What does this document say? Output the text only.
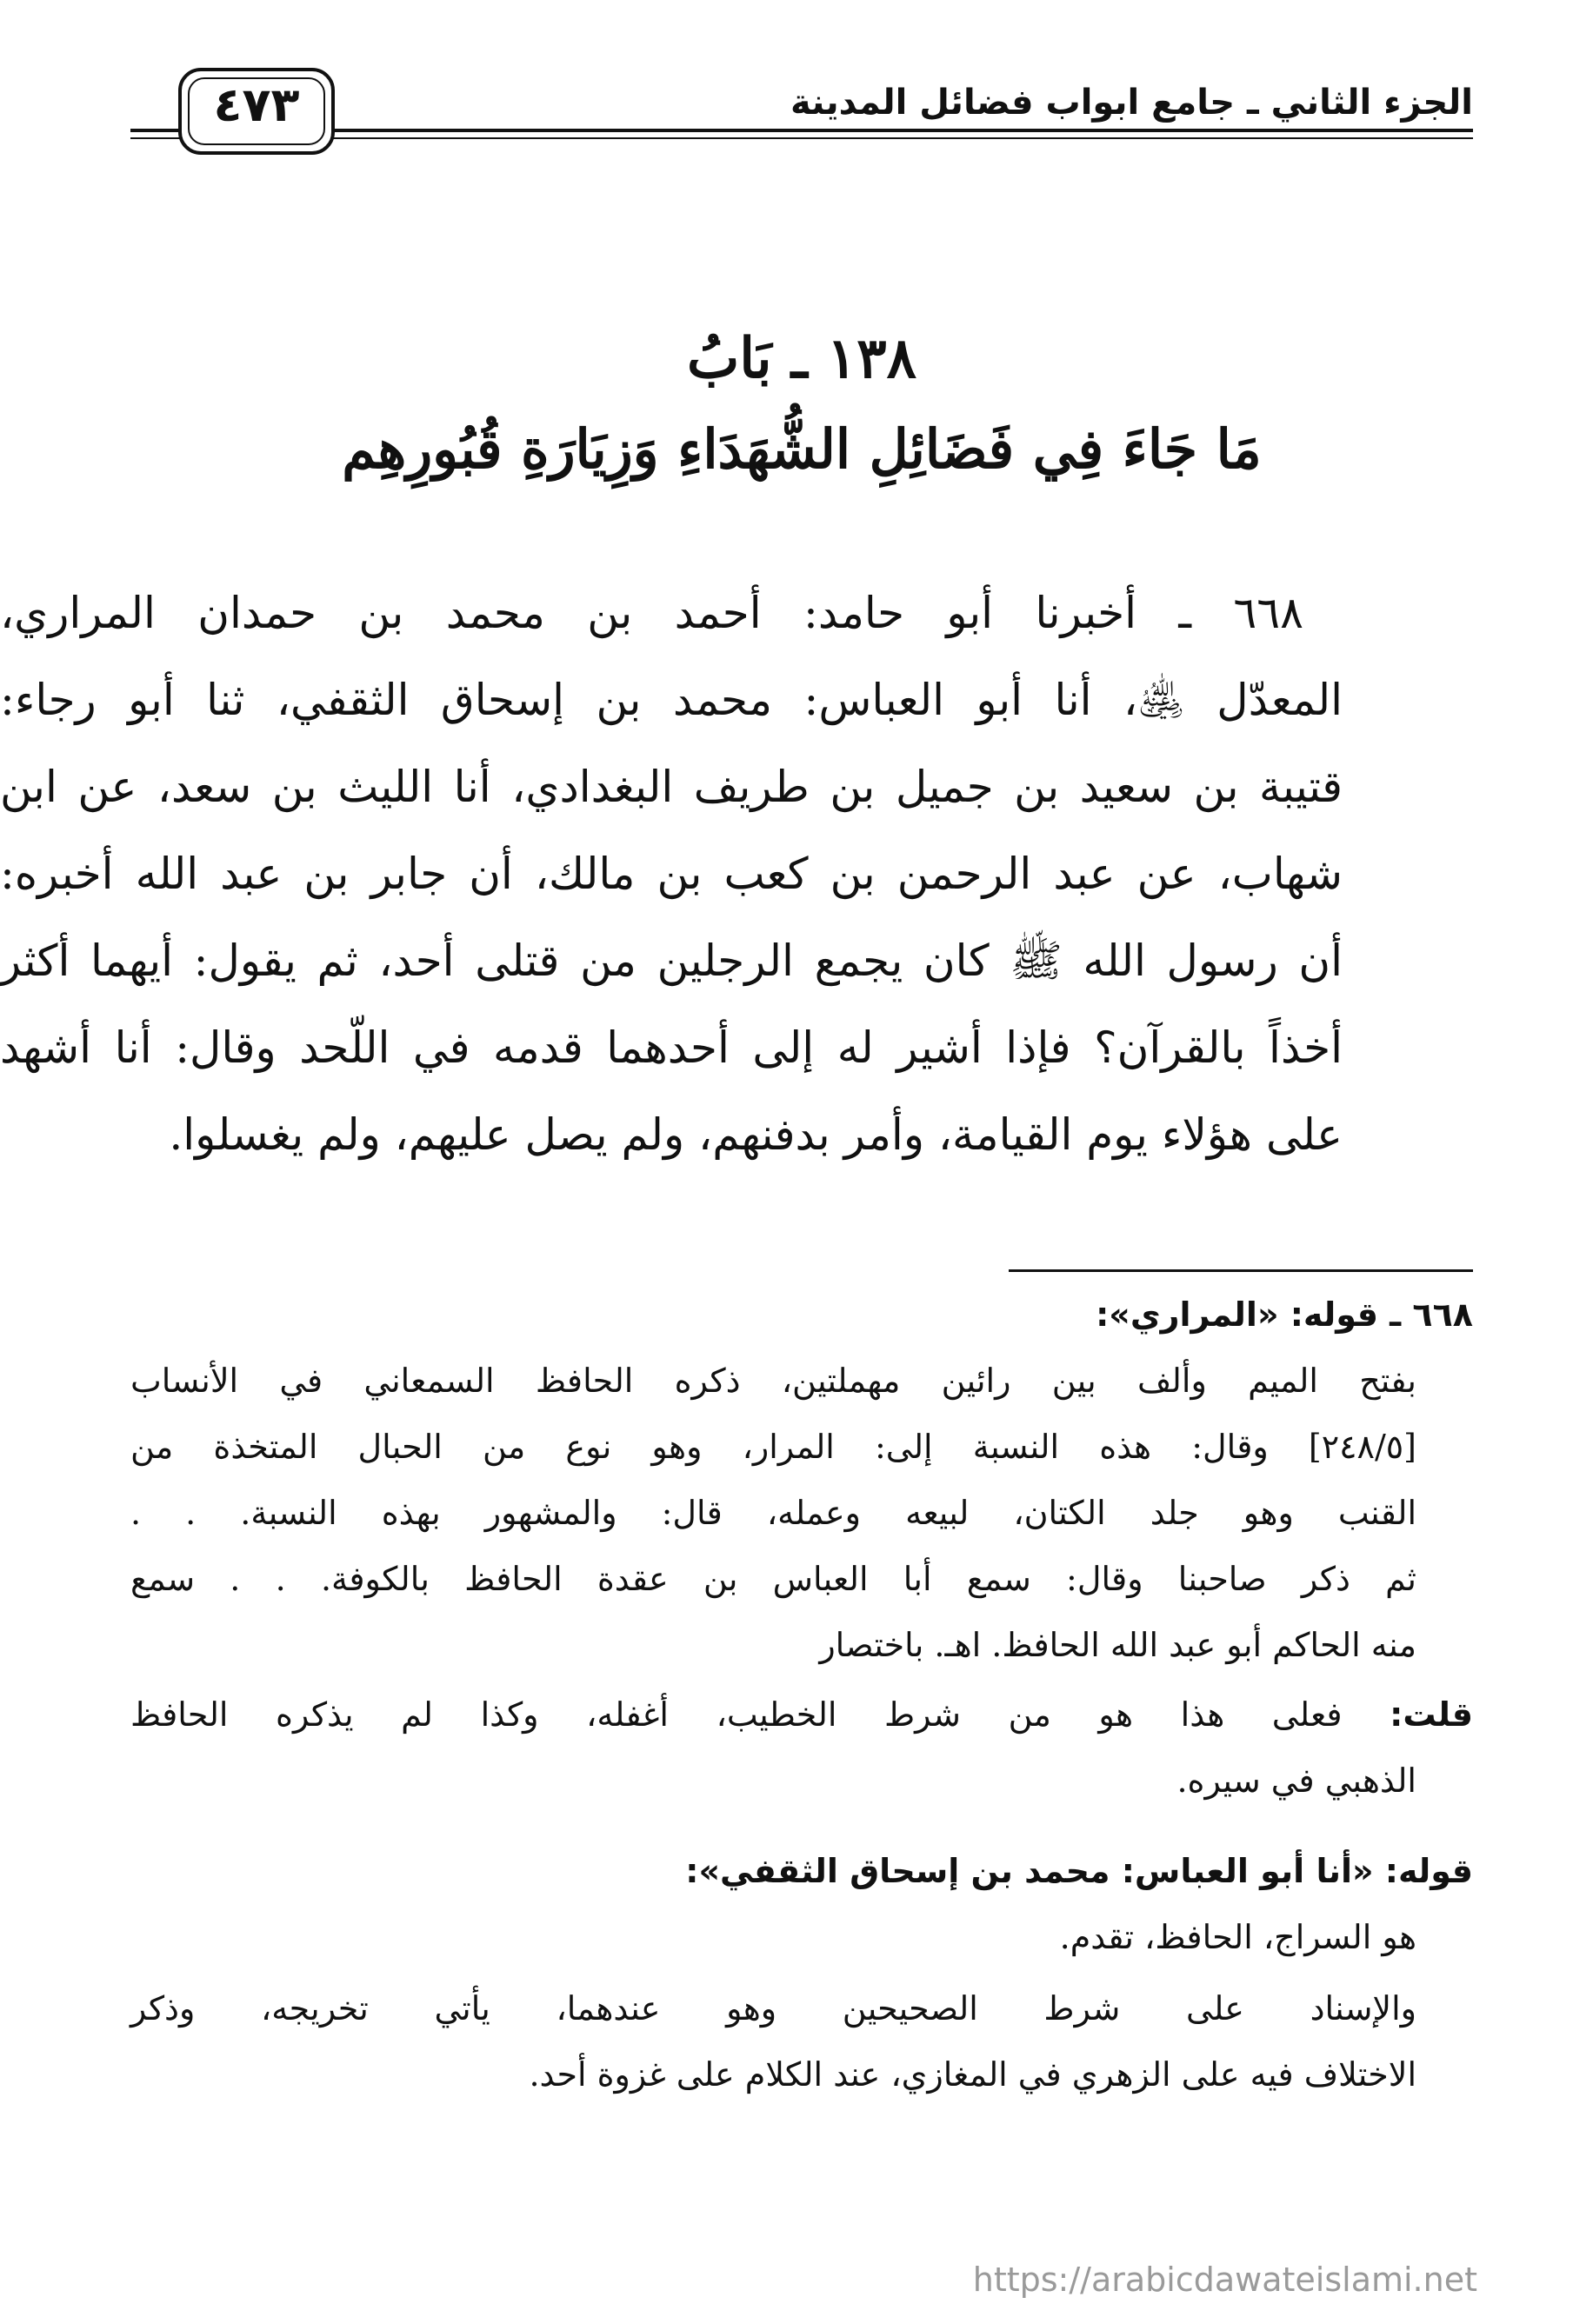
الجزء الثاني ـ جامع ابواب فضائل المدينة
٤٧٣
١٣٨ ـ بَابُ
مَا جَاءَ فِي فَضَائِلِ الشُّهَدَاءِ وَزِيَارَةِ قُبُورِهِم
٦٦٨ ـ أخبرنا أبو حامد: أحمد بن محمد بن حمدان المراري،
المعدّل ﵁، أنا أبو العباس: محمد بن إسحاق الثقفي، ثنا أبو رجاء:
قتيبة بن سعيد بن جميل بن طريف البغدادي، أنا الليث بن سعد، عن ابن
شهاب، عن عبد الرحمن بن كعب بن مالك، أن جابر بن عبد الله أخبره:
أن رسول الله ﷺ كان يجمع الرجلين من قتلى أحد، ثم يقول: أيهما أكثر
أخذاً بالقرآن؟ فإذا أشير له إلى أحدهما قدمه في اللّحد وقال: أنا أشهد
على هؤلاء يوم القيامة، وأمر بدفنهم، ولم يصل عليهم، ولم يغسلوا.
٦٦٨ ـ قوله: «المراري»:
بفتح الميم وألف بين رائين مهملتين، ذكره الحافظ السمعاني في الأنساب
[٢٤٨/٥] وقال: هذه النسبة إلى: المرار، وهو نوع من الحبال المتخذة من
القنب وهو جلد الكتان، لبيعه وعمله، قال: والمشهور بهذه النسبة. . .
ثم ذكر صاحبنا وقال: سمع أبا العباس بن عقدة الحافظ بالكوفة. . . سمع
منه الحاكم أبو عبد الله الحافظ. اهـ. باختصار
قلت: فعلى هذا هو من شرط الخطيب، أغفله، وكذا لم يذكره الحافظ
الذهبي في سيره.
قوله: «أنا أبو العباس: محمد بن إسحاق الثقفي»:
هو السراج، الحافظ، تقدم.
والإسناد على شرط الصحيحين وهو عندهما، يأتي تخريجه، وذكر
الاختلاف فيه على الزهري في المغازي، عند الكلام على غزوة أحد.
https://arabicdawateislami.net
